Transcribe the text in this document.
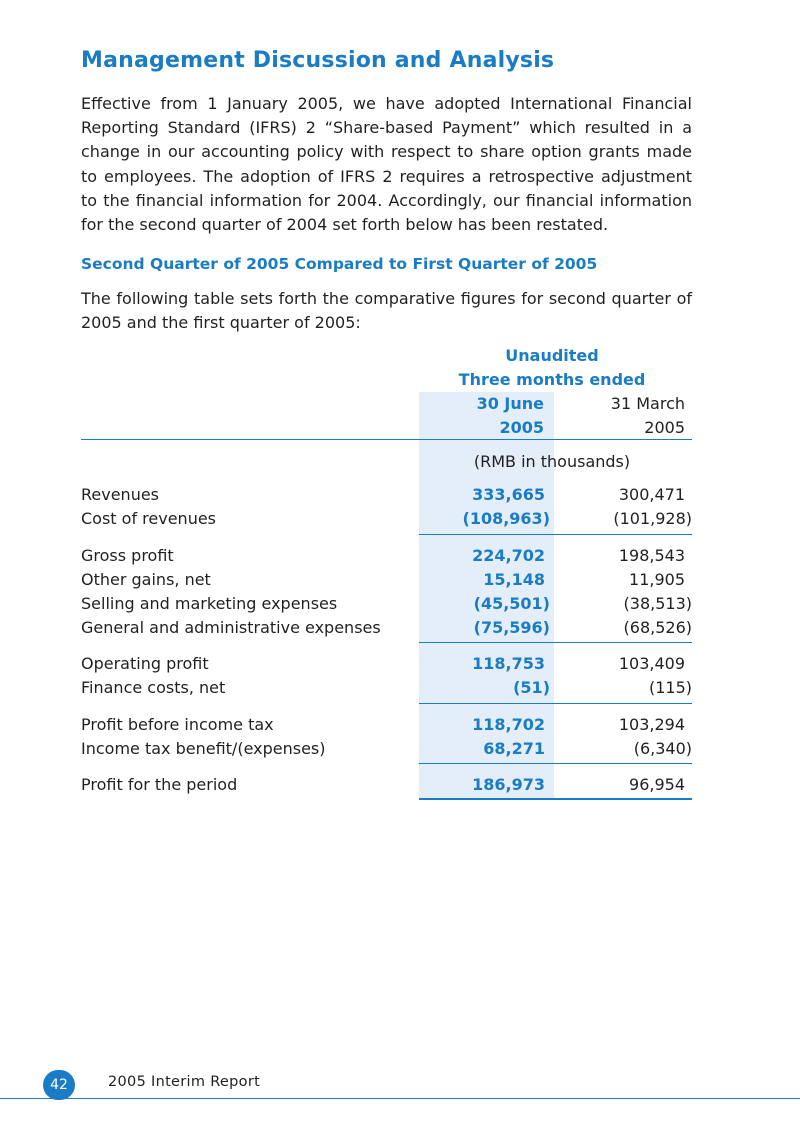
Management Discussion and Analysis

Effective from 1 January 2005, we have adopted International Financial Reporting Standard (IFRS) 2 “Share-based Payment” which resulted in a change in our accounting policy with respect to share option grants made to employees. The adoption of IFRS 2 requires a retrospective adjustment to the financial information for 2004. Accordingly, our financial information for the second quarter of 2004 set forth below has been restated.

Second Quarter of 2005 Compared to First Quarter of 2005

The following table sets forth the comparative figures for second quarter of 2005 and the first quarter of 2005:

Unaudited
Three months ended
30 June
2005
31 March
2005
(RMB in thousands)
Revenues	333,665	300,471
Cost of revenues	(108,963)	(101,928)
Gross profit	224,702	198,543
Other gains, net	15,148	11,905
Selling and marketing expenses	(45,501)	(38,513)
General and administrative expenses	(75,596)	(68,526)
Operating profit	118,753	103,409
Finance costs, net	(51)	(115)
Profit before income tax	118,702	103,294
Income tax benefit/(expenses)	68,271	(6,340)
Profit for the period	186,973	96,954
42	2005 Interim Report
